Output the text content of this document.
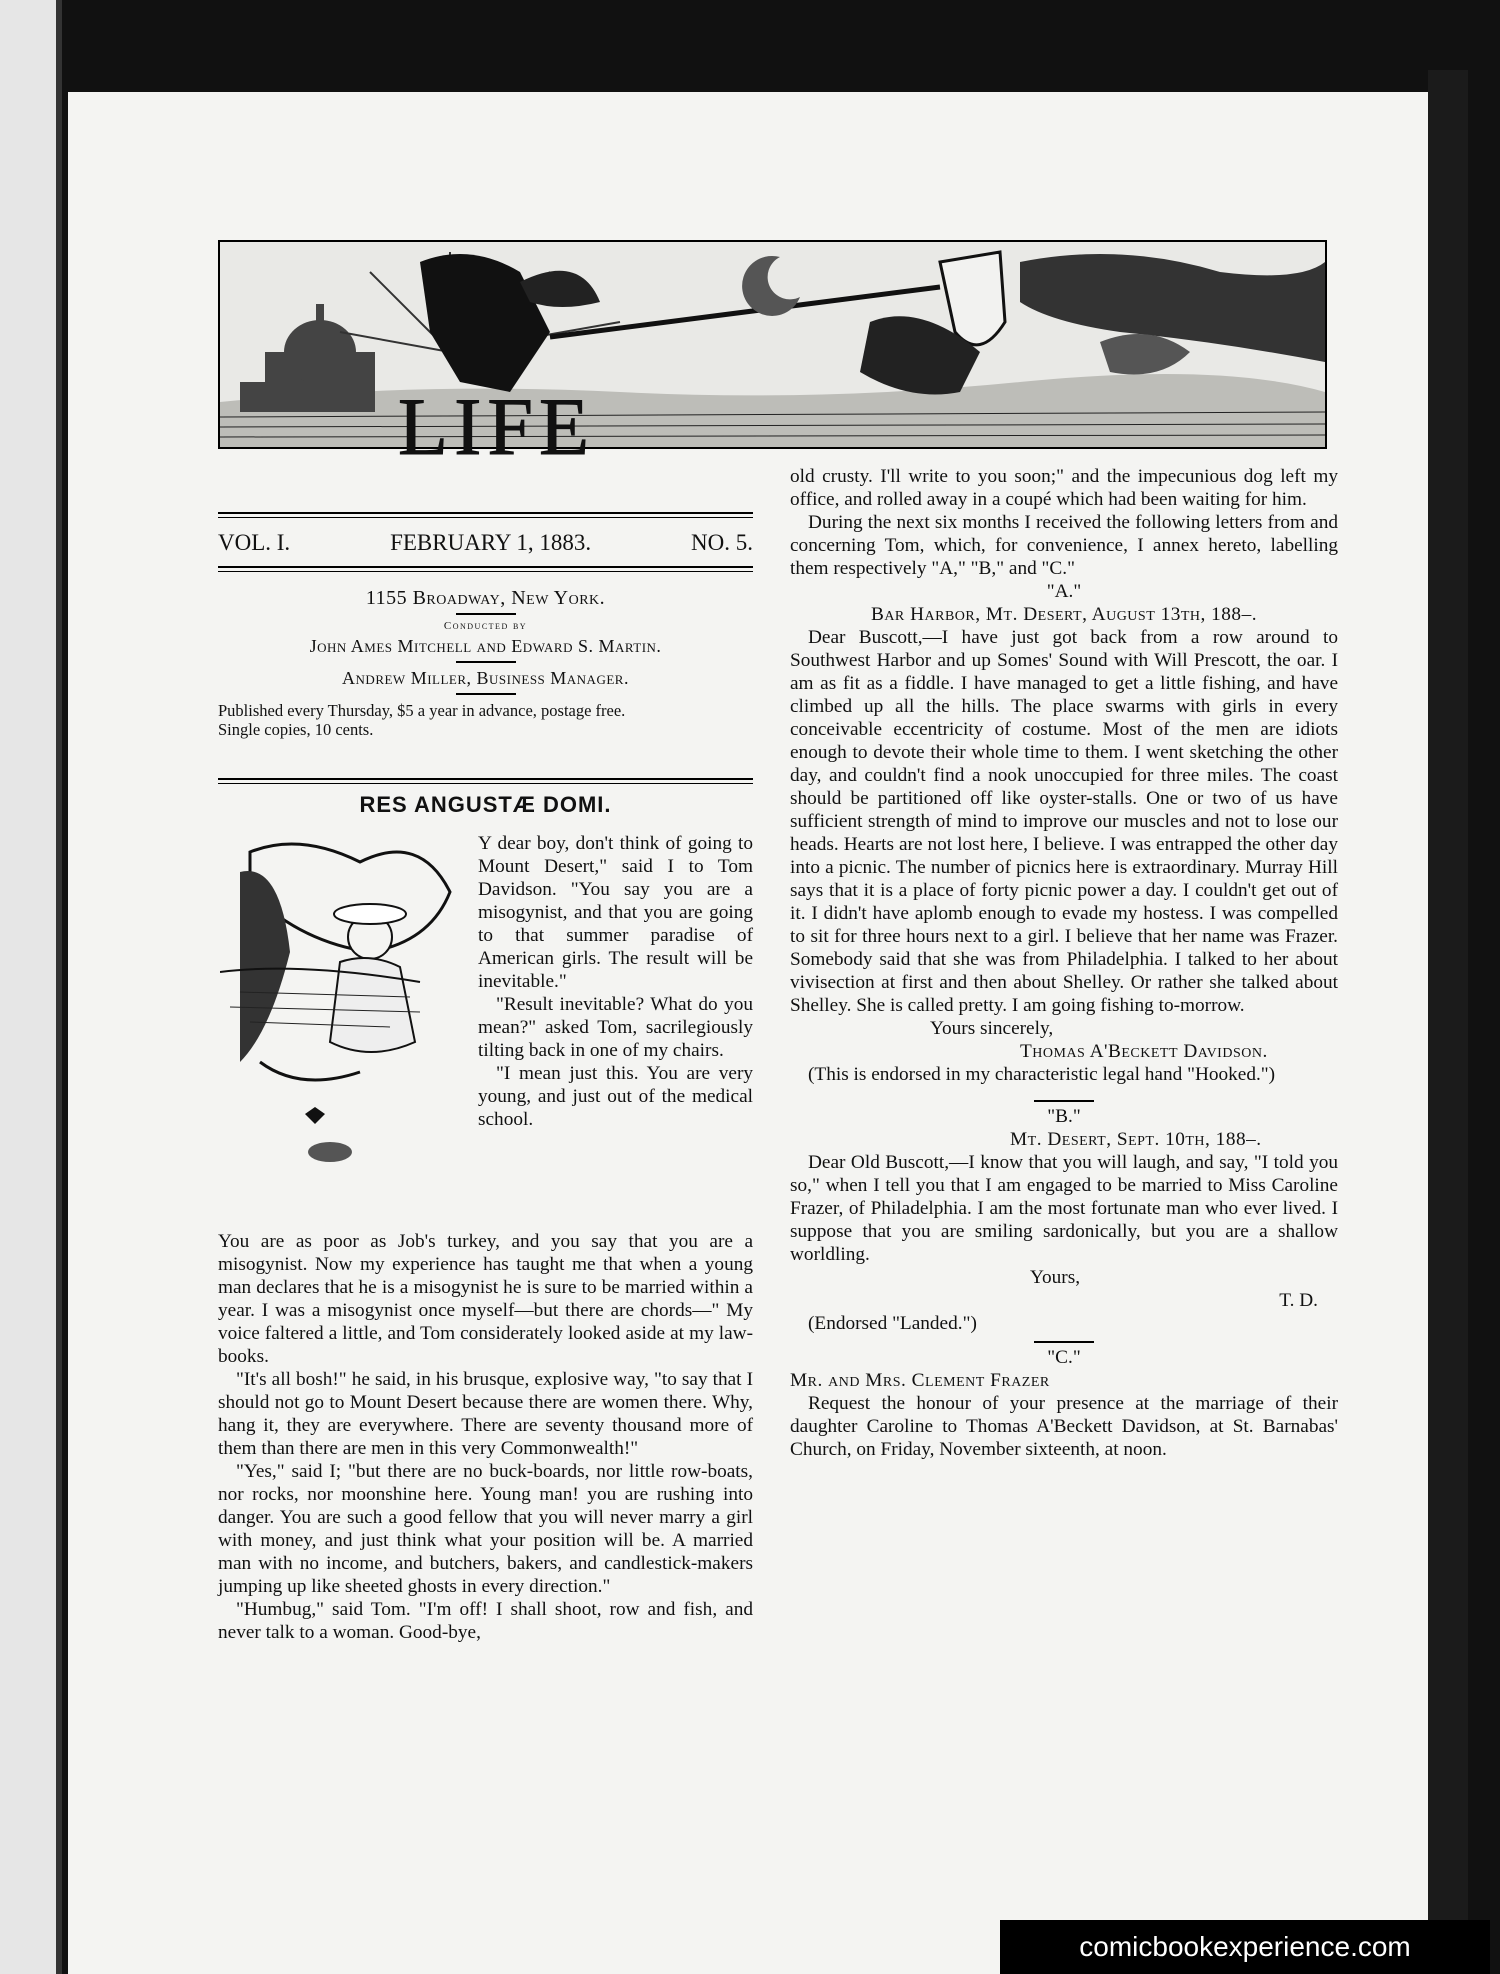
LIFE
VOL. I.	FEBRUARY 1, 1883.	NO. 5.
1155 Broadway, New York.
Conducted by
John Ames Mitchell and Edward S. Martin.
Andrew Miller, Business Manager.
Published every Thursday, $5 a year in advance, postage free.
Single copies, 10 cents.
RES ANGUSTÆ DOMI.

Y dear boy, don't think of going to Mount Desert," said I to Tom Davidson. "You say you are a misogynist, and that you are going to that summer paradise of American girls. The result will be inevitable."

"Result inevitable? What do you mean?" asked Tom, sacrilegiously tilting back in one of my chairs.

"I mean just this. You are very young, and just out of the medical school.

You are as poor as Job's turkey, and you say that you are a misogynist. Now my experience has taught me that when a young man declares that he is a misogynist he is sure to be married within a year. I was a misogynist once myself—but there are chords—" My voice faltered a little, and Tom considerately looked aside at my law-books.

"It's all bosh!" he said, in his brusque, explosive way, "to say that I should not go to Mount Desert because there are women there. Why, hang it, they are everywhere. There are seventy thousand more of them than there are men in this very Commonwealth!"

"Yes," said I; "but there are no buck-boards, nor little row-boats, nor rocks, nor moonshine here. Young man! you are rushing into danger. You are such a good fellow that you will never marry a girl with money, and just think what your position will be. A married man with no income, and butchers, bakers, and candlestick-makers jumping up like sheeted ghosts in every direction."

"Humbug," said Tom. "I'm off! I shall shoot, row and fish, and never talk to a woman. Good-bye,

old crusty. I'll write to you soon;" and the impecunious dog left my office, and rolled away in a coupé which had been waiting for him.

During the next six months I received the following letters from and concerning Tom, which, for convenience, I annex hereto, labelling them respectively "A," "B," and "C."

"A."
Bar Harbor, Mt. Desert, August 13th, 188–.

Dear Buscott,—I have just got back from a row around to Southwest Harbor and up Somes' Sound with Will Prescott, the oar. I am as fit as a fiddle. I have managed to get a little fishing, and have climbed up all the hills. The place swarms with girls in every conceivable eccentricity of costume. Most of the men are idiots enough to devote their whole time to them. I went sketching the other day, and couldn't find a nook unoccupied for three miles. The coast should be partitioned off like oyster-stalls. One or two of us have sufficient strength of mind to improve our muscles and not to lose our heads. Hearts are not lost here, I believe. I was entrapped the other day into a picnic. The number of picnics here is extraordinary. Murray Hill says that it is a place of forty picnic power a day. I couldn't get out of it. I didn't have aplomb enough to evade my hostess. I was compelled to sit for three hours next to a girl. I believe that her name was Frazer. Somebody said that she was from Philadelphia. I talked to her about vivisection at first and then about Shelley. Or rather she talked about Shelley. She is called pretty. I am going fishing to-morrow.

Yours sincerely,
Thomas A'Beckett Davidson.

(This is endorsed in my characteristic legal hand "Hooked.")

"B."
Mt. Desert, Sept. 10th, 188–.

Dear Old Buscott,—I know that you will laugh, and say, "I told you so," when I tell you that I am engaged to be married to Miss Caroline Frazer, of Philadelphia. I am the most fortunate man who ever lived. I suppose that you are smiling sardonically, but you are a shallow worldling.

Yours,
T. D.

(Endorsed "Landed.")

"C."
Mr. and Mrs. Clement Frazer

Request the honour of your presence at the marriage of their daughter Caroline to Thomas A'Beckett Davidson, at St. Barnabas' Church, on Friday, November sixteenth, at noon.

comicbookexperience.com
